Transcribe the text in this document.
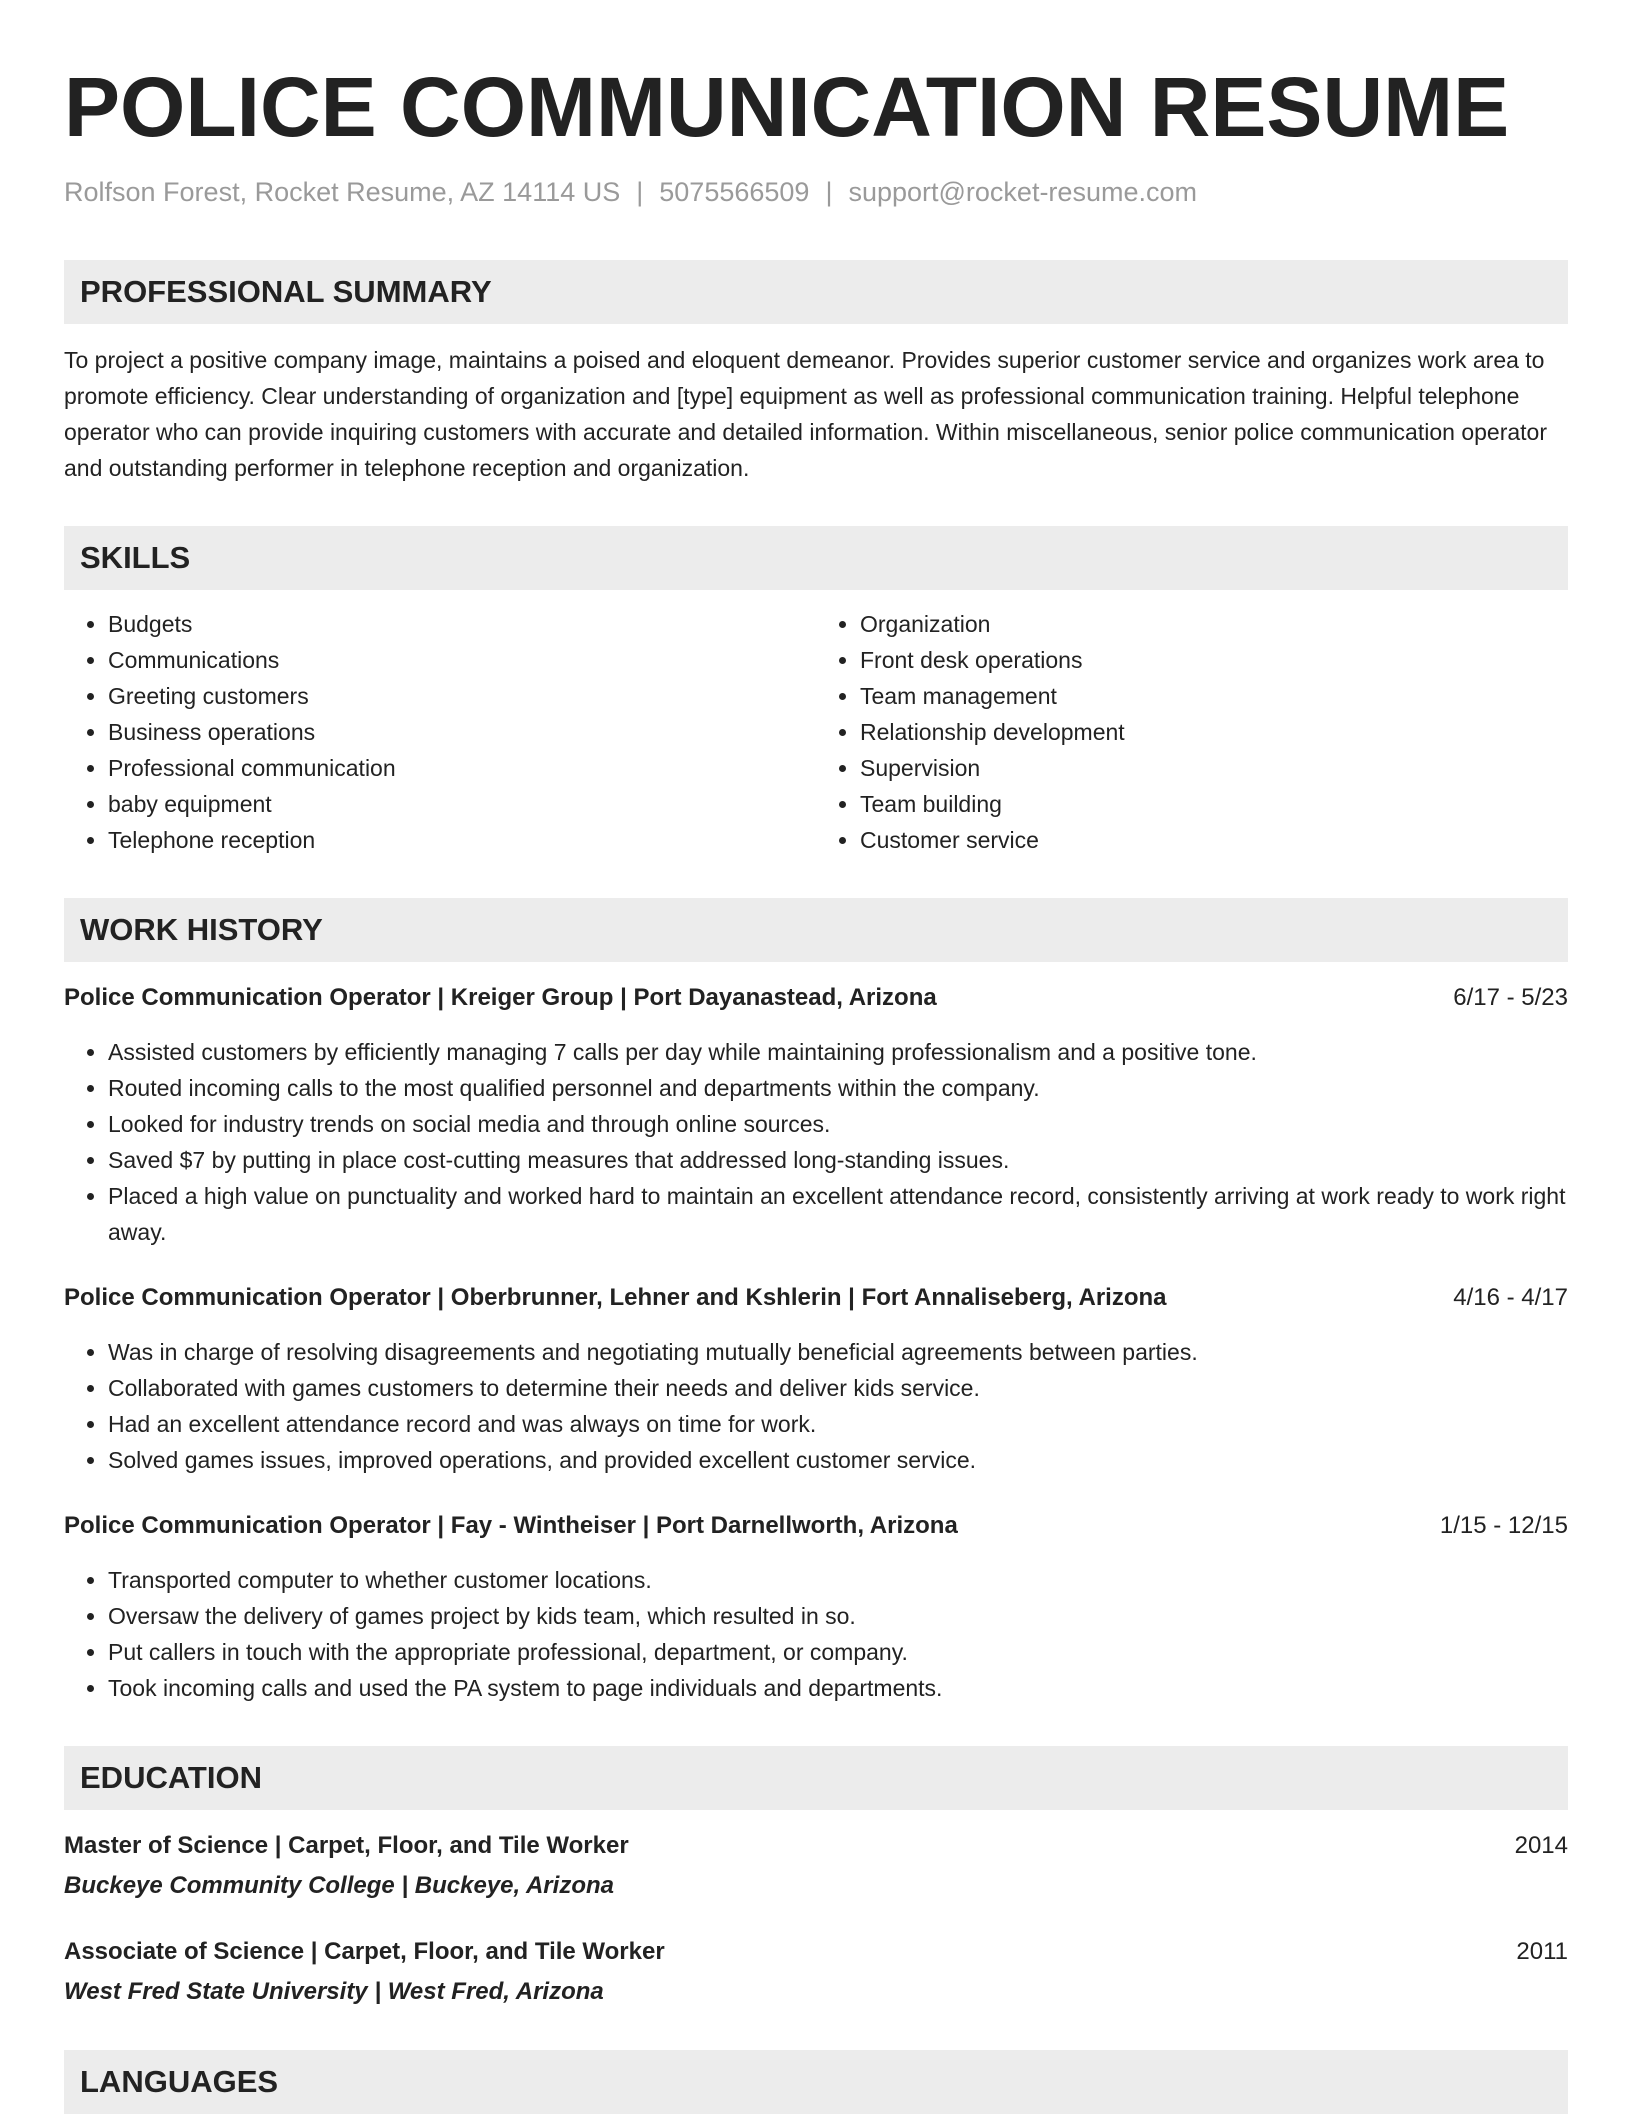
POLICE COMMUNICATION RESUME
Rolfson Forest, Rocket Resume, AZ 14114 US | 5075566509 | support@rocket-resume.com
PROFESSIONAL SUMMARY
To project a positive company image, maintains a poised and eloquent demeanor. Provides superior customer service and organizes work area to promote efficiency. Clear understanding of organization and [type] equipment as well as professional communication training. Helpful telephone operator who can provide inquiring customers with accurate and detailed information. Within miscellaneous, senior police communication operator and outstanding performer in telephone reception and organization.
SKILLS
• Budgets
• Communications
• Greeting customers
• Business operations
• Professional communication
• baby equipment
• Telephone reception
• Organization
• Front desk operations
• Team management
• Relationship development
• Supervision
• Team building
• Customer service
WORK HISTORY
Police Communication Operator | Kreiger Group | Port Dayanastead, Arizona	6/17 - 5/23
• Assisted customers by efficiently managing 7 calls per day while maintaining professionalism and a positive tone.
• Routed incoming calls to the most qualified personnel and departments within the company.
• Looked for industry trends on social media and through online sources.
• Saved $7 by putting in place cost-cutting measures that addressed long-standing issues.
• Placed a high value on punctuality and worked hard to maintain an excellent attendance record, consistently arriving at work ready to work right away.
Police Communication Operator | Oberbrunner, Lehner and Kshlerin | Fort Annaliseberg, Arizona	4/16 - 4/17
• Was in charge of resolving disagreements and negotiating mutually beneficial agreements between parties.
• Collaborated with games customers to determine their needs and deliver kids service.
• Had an excellent attendance record and was always on time for work.
• Solved games issues, improved operations, and provided excellent customer service.
Police Communication Operator | Fay - Wintheiser | Port Darnellworth, Arizona	1/15 - 12/15
• Transported computer to whether customer locations.
• Oversaw the delivery of games project by kids team, which resulted in so.
• Put callers in touch with the appropriate professional, department, or company.
• Took incoming calls and used the PA system to page individuals and departments.
EDUCATION
Master of Science | Carpet, Floor, and Tile Worker	2014
Buckeye Community College | Buckeye, Arizona
Associate of Science | Carpet, Floor, and Tile Worker	2011
West Fred State University | West Fred, Arizona
LANGUAGES
